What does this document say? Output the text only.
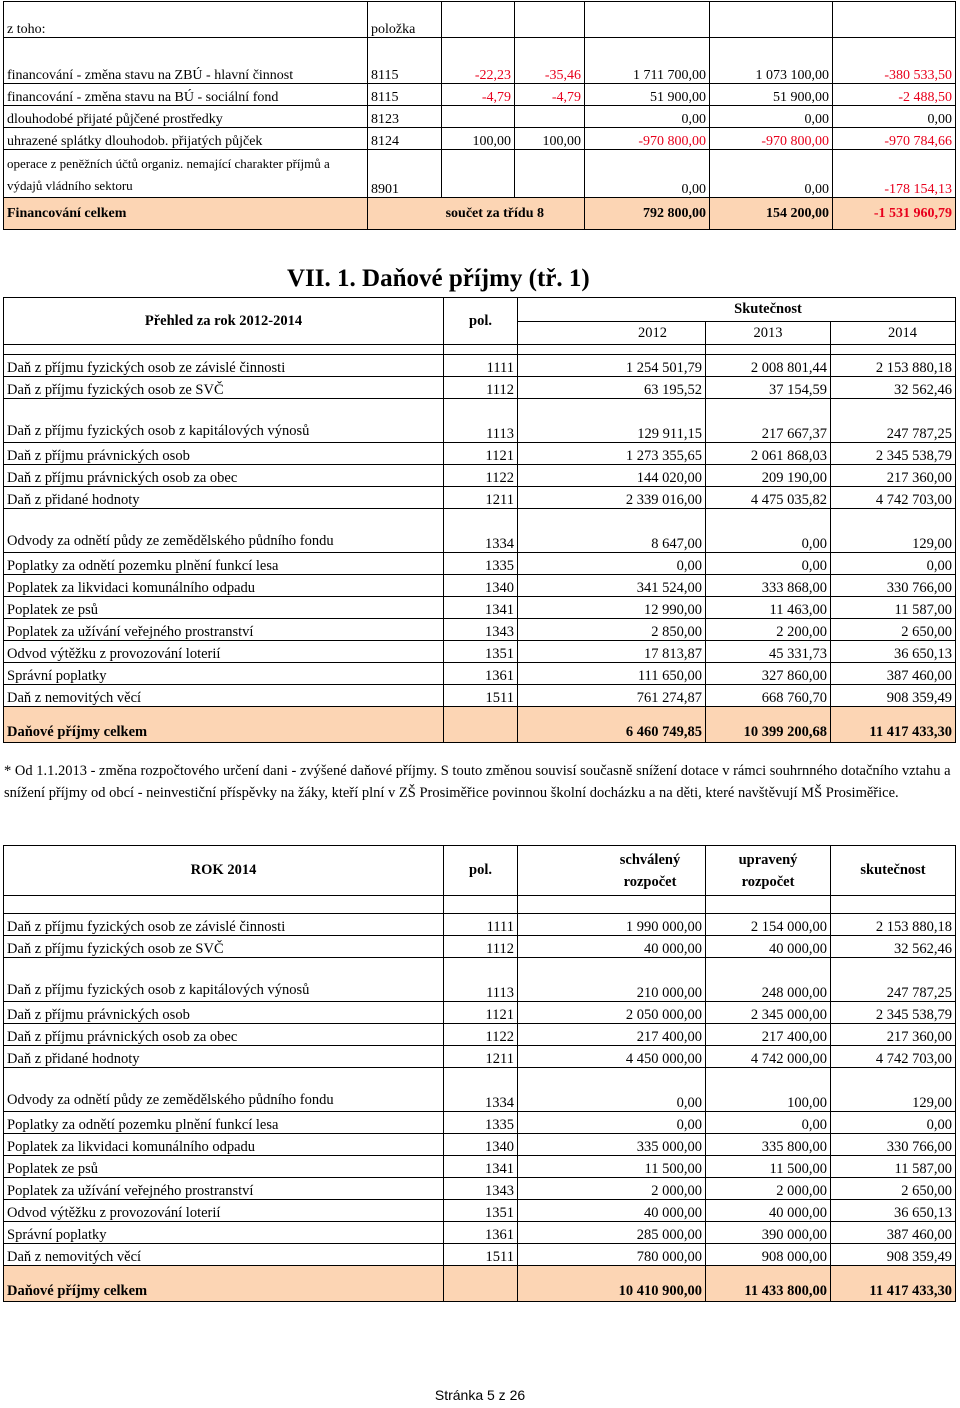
z toho:	položka					
financování - změna stavu na ZBÚ - hlavní činnost	8115	-22,23	-35,46	1 711 700,00	1 073 100,00	-380 533,50
financování - změna stavu na BÚ - sociální fond	8115	-4,79	-4,79	51 900,00	51 900,00	-2 488,50
dlouhodobé přijaté půjčené prostředky	8123			0,00	0,00	0,00
uhrazené splátky dlouhodob. přijatých půjček	8124	100,00	100,00	-970 800,00	-970 800,00	-970 784,66
operace z peněžních účtů organiz. nemající charakter příjmů a výdajů vládního sektoru	8901			0,00	0,00	-178 154,13
Financování celkem	součet za třídu 8			792 800,00	154 200,00	-1 531 960,79
VII. 1. Daňové příjmy (tř. 1)
Přehled za rok 2012-2014	pol.		Skutečnost	
		2012	2013	2014

Daň z příjmu fyzických osob ze závislé činnosti	1111	1 254 501,79	2 008 801,44	2 153 880,18
Daň z příjmu fyzických osob ze SVČ	1112	63 195,52	37 154,59	32 562,46
Daň z příjmu fyzických osob z kapitálových výnosů	1113	129 911,15	217 667,37	247 787,25
Daň z příjmu právnických osob	1121	1 273 355,65	2 061 868,03	2 345 538,79
Daň z příjmu právnických osob za obec	1122	144 020,00	209 190,00	217 360,00
Daň z přidané hodnoty	1211	2 339 016,00	4 475 035,82	4 742 703,00
Odvody za odnětí půdy ze zemědělského půdního fondu	1334	8 647,00	0,00	129,00
Poplatky za odnětí pozemku plnění funkcí lesa	1335	0,00	0,00	0,00
Poplatek za likvidaci komunálního odpadu	1340	341 524,00	333 868,00	330 766,00
Poplatek ze psů	1341	12 990,00	11 463,00	11 587,00
Poplatek za užívání veřejného prostranství	1343	2 850,00	2 200,00	2 650,00
Odvod výtěžku z provozování loterií	1351	17 813,87	45 331,73	36 650,13
Správní poplatky	1361	111 650,00	327 860,00	387 460,00
Daň z nemovitých věcí	1511	761 274,87	668 760,70	908 359,49
Daňové příjmy celkem		6 460 749,85	10 399 200,68	11 417 433,30
* Od 1.1.2013 - změna rozpočtového určení dani - zvýšené daňové příjmy. S touto změnou souvisí současně snížení dotace v rámci souhrnného dotačního vztahu a snížení příjmy od obcí - neinvestiční příspěvky na žáky, kteří plní v ZŠ Prosiměřice povinnou školní docházku a na děti, které navštěvují MŠ Prosiměřice.
ROK 2014	pol.	schválený rozpočet	upravený rozpočet	skutečnost

Daň z příjmu fyzických osob ze závislé činnosti	1111	1 990 000,00	2 154 000,00	2 153 880,18
Daň z příjmu fyzických osob ze SVČ	1112	40 000,00	40 000,00	32 562,46
Daň z příjmu fyzických osob z kapitálových výnosů	1113	210 000,00	248 000,00	247 787,25
Daň z příjmu právnických osob	1121	2 050 000,00	2 345 000,00	2 345 538,79
Daň z příjmu právnických osob za obec	1122	217 400,00	217 400,00	217 360,00
Daň z přidané hodnoty	1211	4 450 000,00	4 742 000,00	4 742 703,00
Odvody za odnětí půdy ze zemědělského půdního fondu	1334	0,00	100,00	129,00
Poplatky za odnětí pozemku plnění funkcí lesa	1335	0,00	0,00	0,00
Poplatek za likvidaci komunálního odpadu	1340	335 000,00	335 800,00	330 766,00
Poplatek ze psů	1341	11 500,00	11 500,00	11 587,00
Poplatek za užívání veřejného prostranství	1343	2 000,00	2 000,00	2 650,00
Odvod výtěžku z provozování loterií	1351	40 000,00	40 000,00	36 650,13
Správní poplatky	1361	285 000,00	390 000,00	387 460,00
Daň z nemovitých věcí	1511	780 000,00	908 000,00	908 359,49
Daňové příjmy celkem		10 410 900,00	11 433 800,00	11 417 433,30
Stránka 5 z 26
